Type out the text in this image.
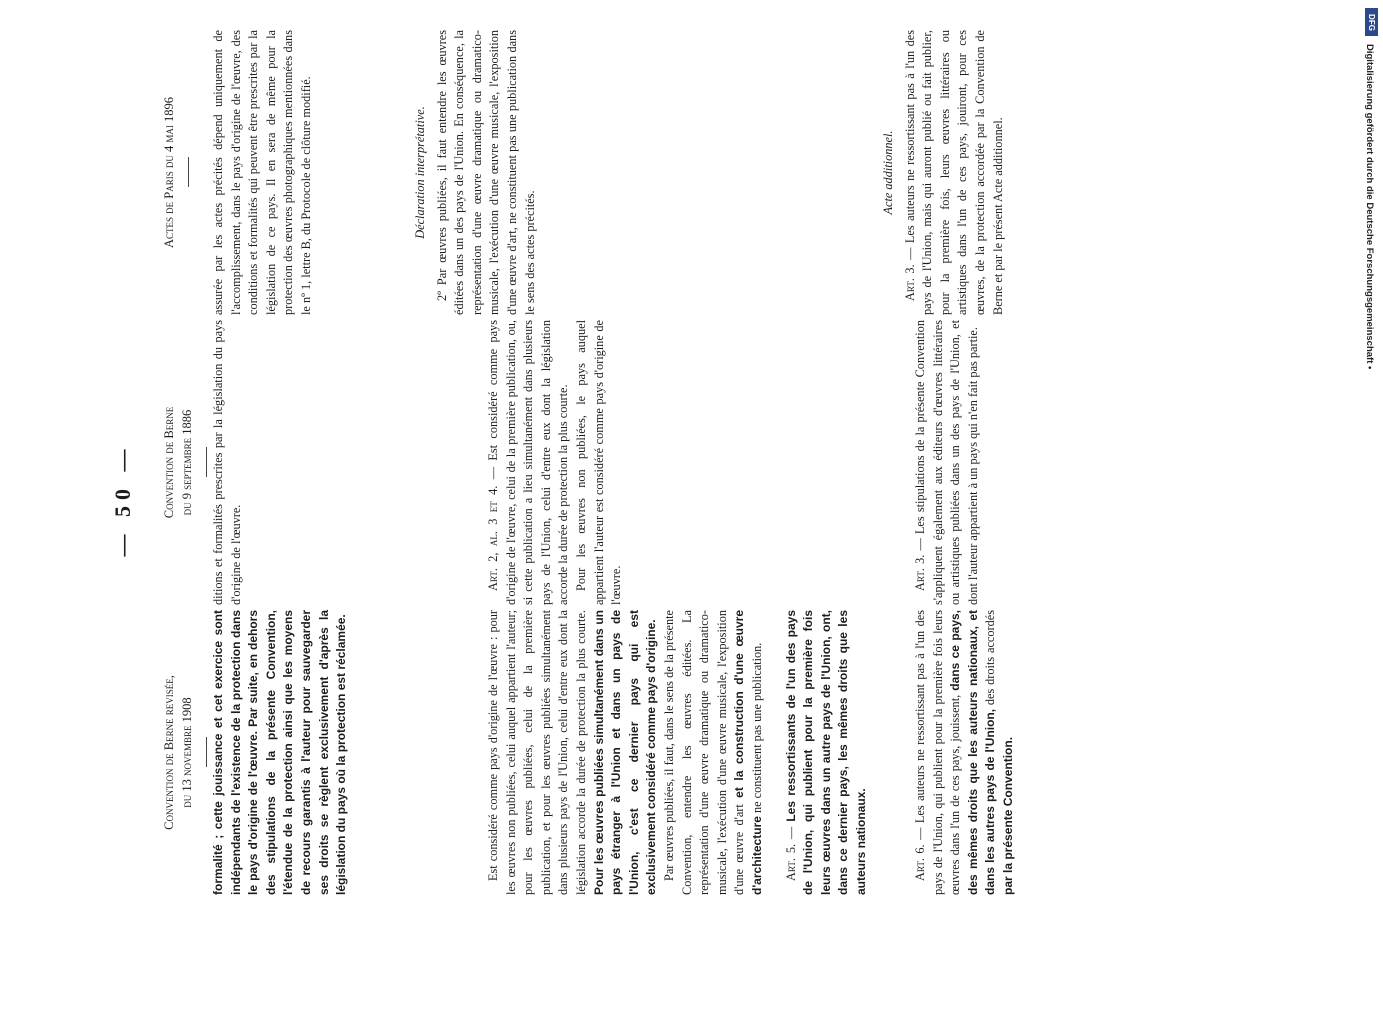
— 50 —
Convention de Berne revisée, du 13 novembre 1908
Convention de Berne du 9 septembre 1886
Actes de Paris du 4 mai 1896

formalité ; cette jouissance et cet exercice sont indépendants de l'existence de la protection dans le pays d'origine de l'œuvre. Par suite, en dehors des stipulations de la présente Convention, l'étendue de la protection ainsi que les moyens de recours garantis à l'auteur pour sauvegarder ses droits se règlent exclusivement d'après la législation du pays où la protection est réclamée.

ditions et formalités prescrites par la législation du pays d'origine de l'œuvre.

assurée par les actes précités dépend uniquement de l'accomplissement, dans le pays d'origine de l'œuvre, des conditions et formalités qui peuvent être prescrites par la législation de ce pays. Il en sera de même pour la protection des œuvres photographiques mentionnées dans le nº 1, lettre B, du Protocole de clôture modifié.

Est considéré comme pays d'origine de l'œuvre : pour les œuvres non publiées, celui auquel appartient l'auteur; pour les œuvres publiées, celui de la première publication, et pour les œuvres publiées simultanément dans plusieurs pays de l'Union, celui d'entre eux dont la législation accorde la durée de protection la plus courte. Pour les œuvres publiées simultanément dans un pays étranger à l'Union et dans un pays de l'Union, c'est ce dernier pays qui est exclusivement considéré comme pays d'origine. Par œuvres publiées, il faut, dans le sens de la présente Convention, entendre les œuvres éditées. La représentation d'une œuvre dramatique ou dramatico-musicale, l'exécution d'une œuvre musicale, l'exposition d'une œuvre d'art et la construction d'une œuvre d'architecture ne constituent pas une publication.

Art. 5. — Les ressortissants de l'un des pays de l'Union, qui publient pour la première fois leurs œuvres dans un autre pays de l'Union, ont, dans ce dernier pays, les mêmes droits que les auteurs nationaux.

Art. 2, al. 3 et 4. — Est considéré comme pays d'origine de l'œuvre, celui de la première publication, ou, si cette publication a lieu simultanément dans plusieurs pays de l'Union, celui d'entre eux dont la législation accorde la durée de protection la plus courte. Pour les œuvres non publiées, le pays auquel appartient l'auteur est considéré comme pays d'origine de l'œuvre.

Déclaration interprétative. 2º Par œuvres publiées, il faut entendre les œuvres éditées dans un des pays de l'Union. En conséquence, la représentation d'une œuvre dramatique ou dramatico-musicale, l'exécution d'une œuvre musicale, l'exposition d'une œuvre d'art, ne constituent pas une publication dans le sens des actes précités.

Art. 6. — Les auteurs ne ressortissant pas à l'un des pays de l'Union, qui publient pour la première fois leurs œuvres dans l'un de ces pays, jouissent, dans ce pays, des mêmes droits que les auteurs nationaux, et dans les autres pays de l'Union, des droits accordés par la présente Convention.

Art. 3. — Les stipulations de la présente Convention s'appliquent également aux éditeurs d'œuvres littéraires ou artistiques publiées dans un des pays de l'Union, et dont l'auteur appartient à un pays qui n'en fait pas partie.

Acte additionnel.

Art. 3. — Les auteurs ne ressortissant pas à l'un des pays de l'Union, mais qui auront publié ou fait publier, pour la première fois, leurs œuvres littéraires ou artistiques dans l'un de ces pays, jouiront, pour ces œuvres, de la protection accordée par la Convention de Berne et par le présent Acte additionnel.

DFG
Digitalisierung gefördert durch die Deutsche Forschungsgemeinschaft •
